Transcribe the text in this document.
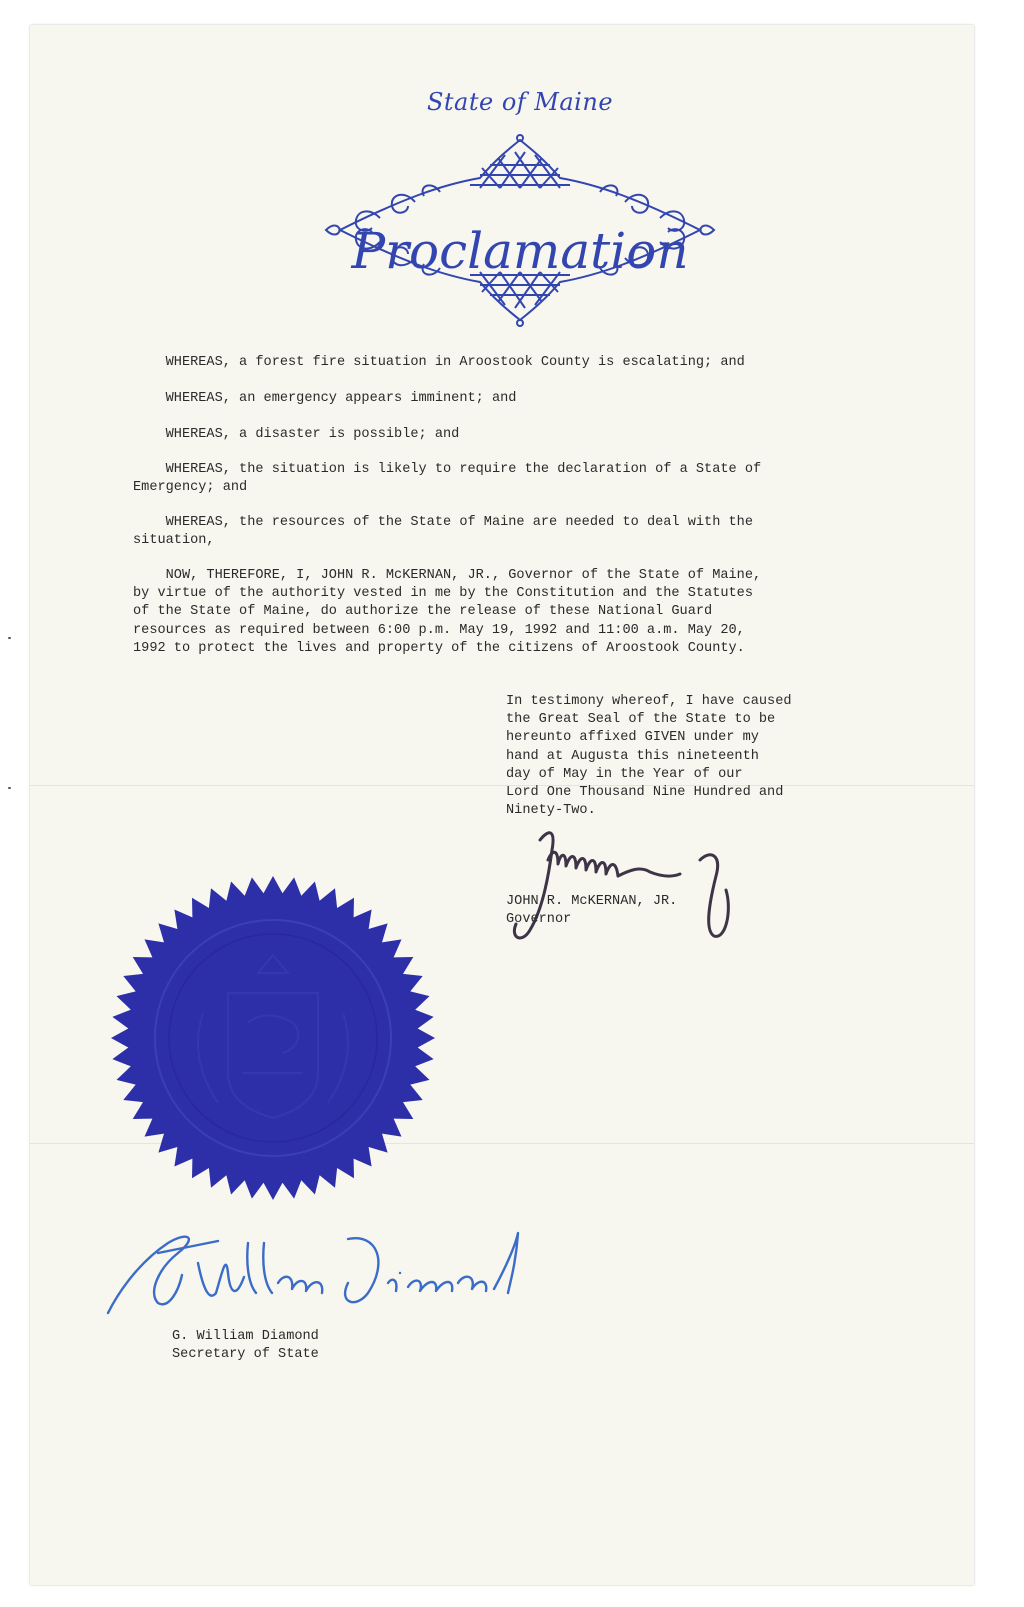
State of Maine
Proclamation
WHEREAS, a forest fire situation in Aroostook County is escalating; and
WHEREAS, an emergency appears imminent; and
WHEREAS, a disaster is possible; and
WHEREAS, the situation is likely to require the declaration of a State of
Emergency; and
WHEREAS, the resources of the State of Maine are needed to deal with the
situation,
NOW, THEREFORE, I, JOHN R. McKERNAN, JR., Governor of the State of Maine,
by virtue of the authority vested in me by the Constitution and the Statutes
of the State of Maine, do authorize the release of these National Guard
resources as required between 6:00 p.m. May 19, 1992 and 11:00 a.m. May 20,
1992 to protect the lives and property of the citizens of Aroostook County.
In testimony whereof, I have caused
the Great Seal of the State to be
hereunto affixed GIVEN under my
hand at Augusta this nineteenth
day of May in the Year of our
Lord One Thousand Nine Hundred and
Ninety-Two.
JOHN R. McKERNAN, JR.
Governor
G. William Diamond
Secretary of State
